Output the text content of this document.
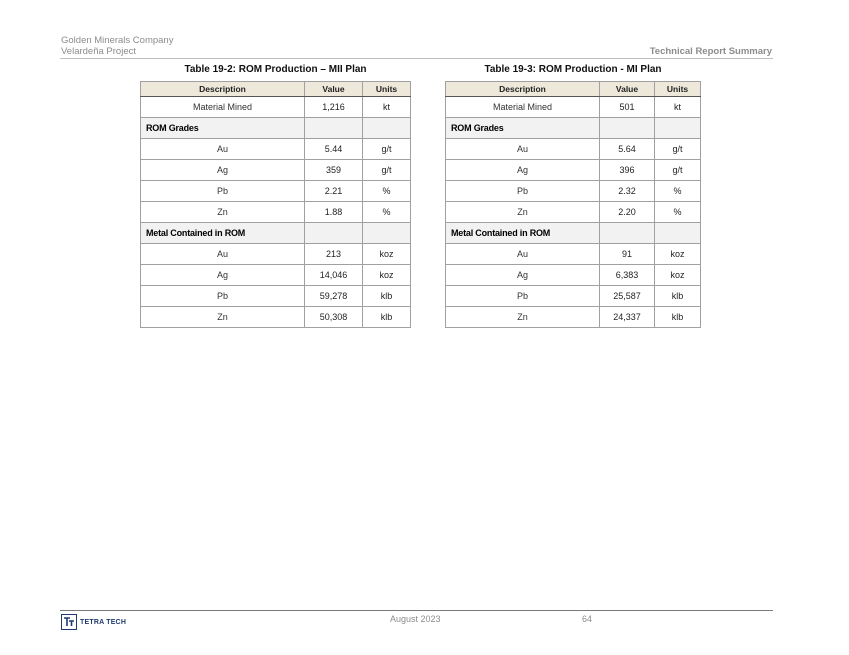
Golden Minerals Company
Velardeña Project	Technical Report Summary
Table 19-2: ROM Production – MII Plan
Description	Value	Units
Material Mined	1,216	kt
ROM Grades		
Au	5.44	g/t
Ag	359	g/t
Pb	2.21	%
Zn	1.88	%
Metal Contained in ROM		
Au	213	koz
Ag	14,046	koz
Pb	59,278	klb
Zn	50,308	klb
Table 19-3: ROM Production - MI Plan
Description	Value	Units
Material Mined	501	kt
ROM Grades		
Au	5.64	g/t
Ag	396	g/t
Pb	2.32	%
Zn	2.20	%
Metal Contained in ROM		
Au	91	koz
Ag	6,383	koz
Pb	25,587	klb
Zn	24,337	klb
TETRA TECH	August 2023	64
